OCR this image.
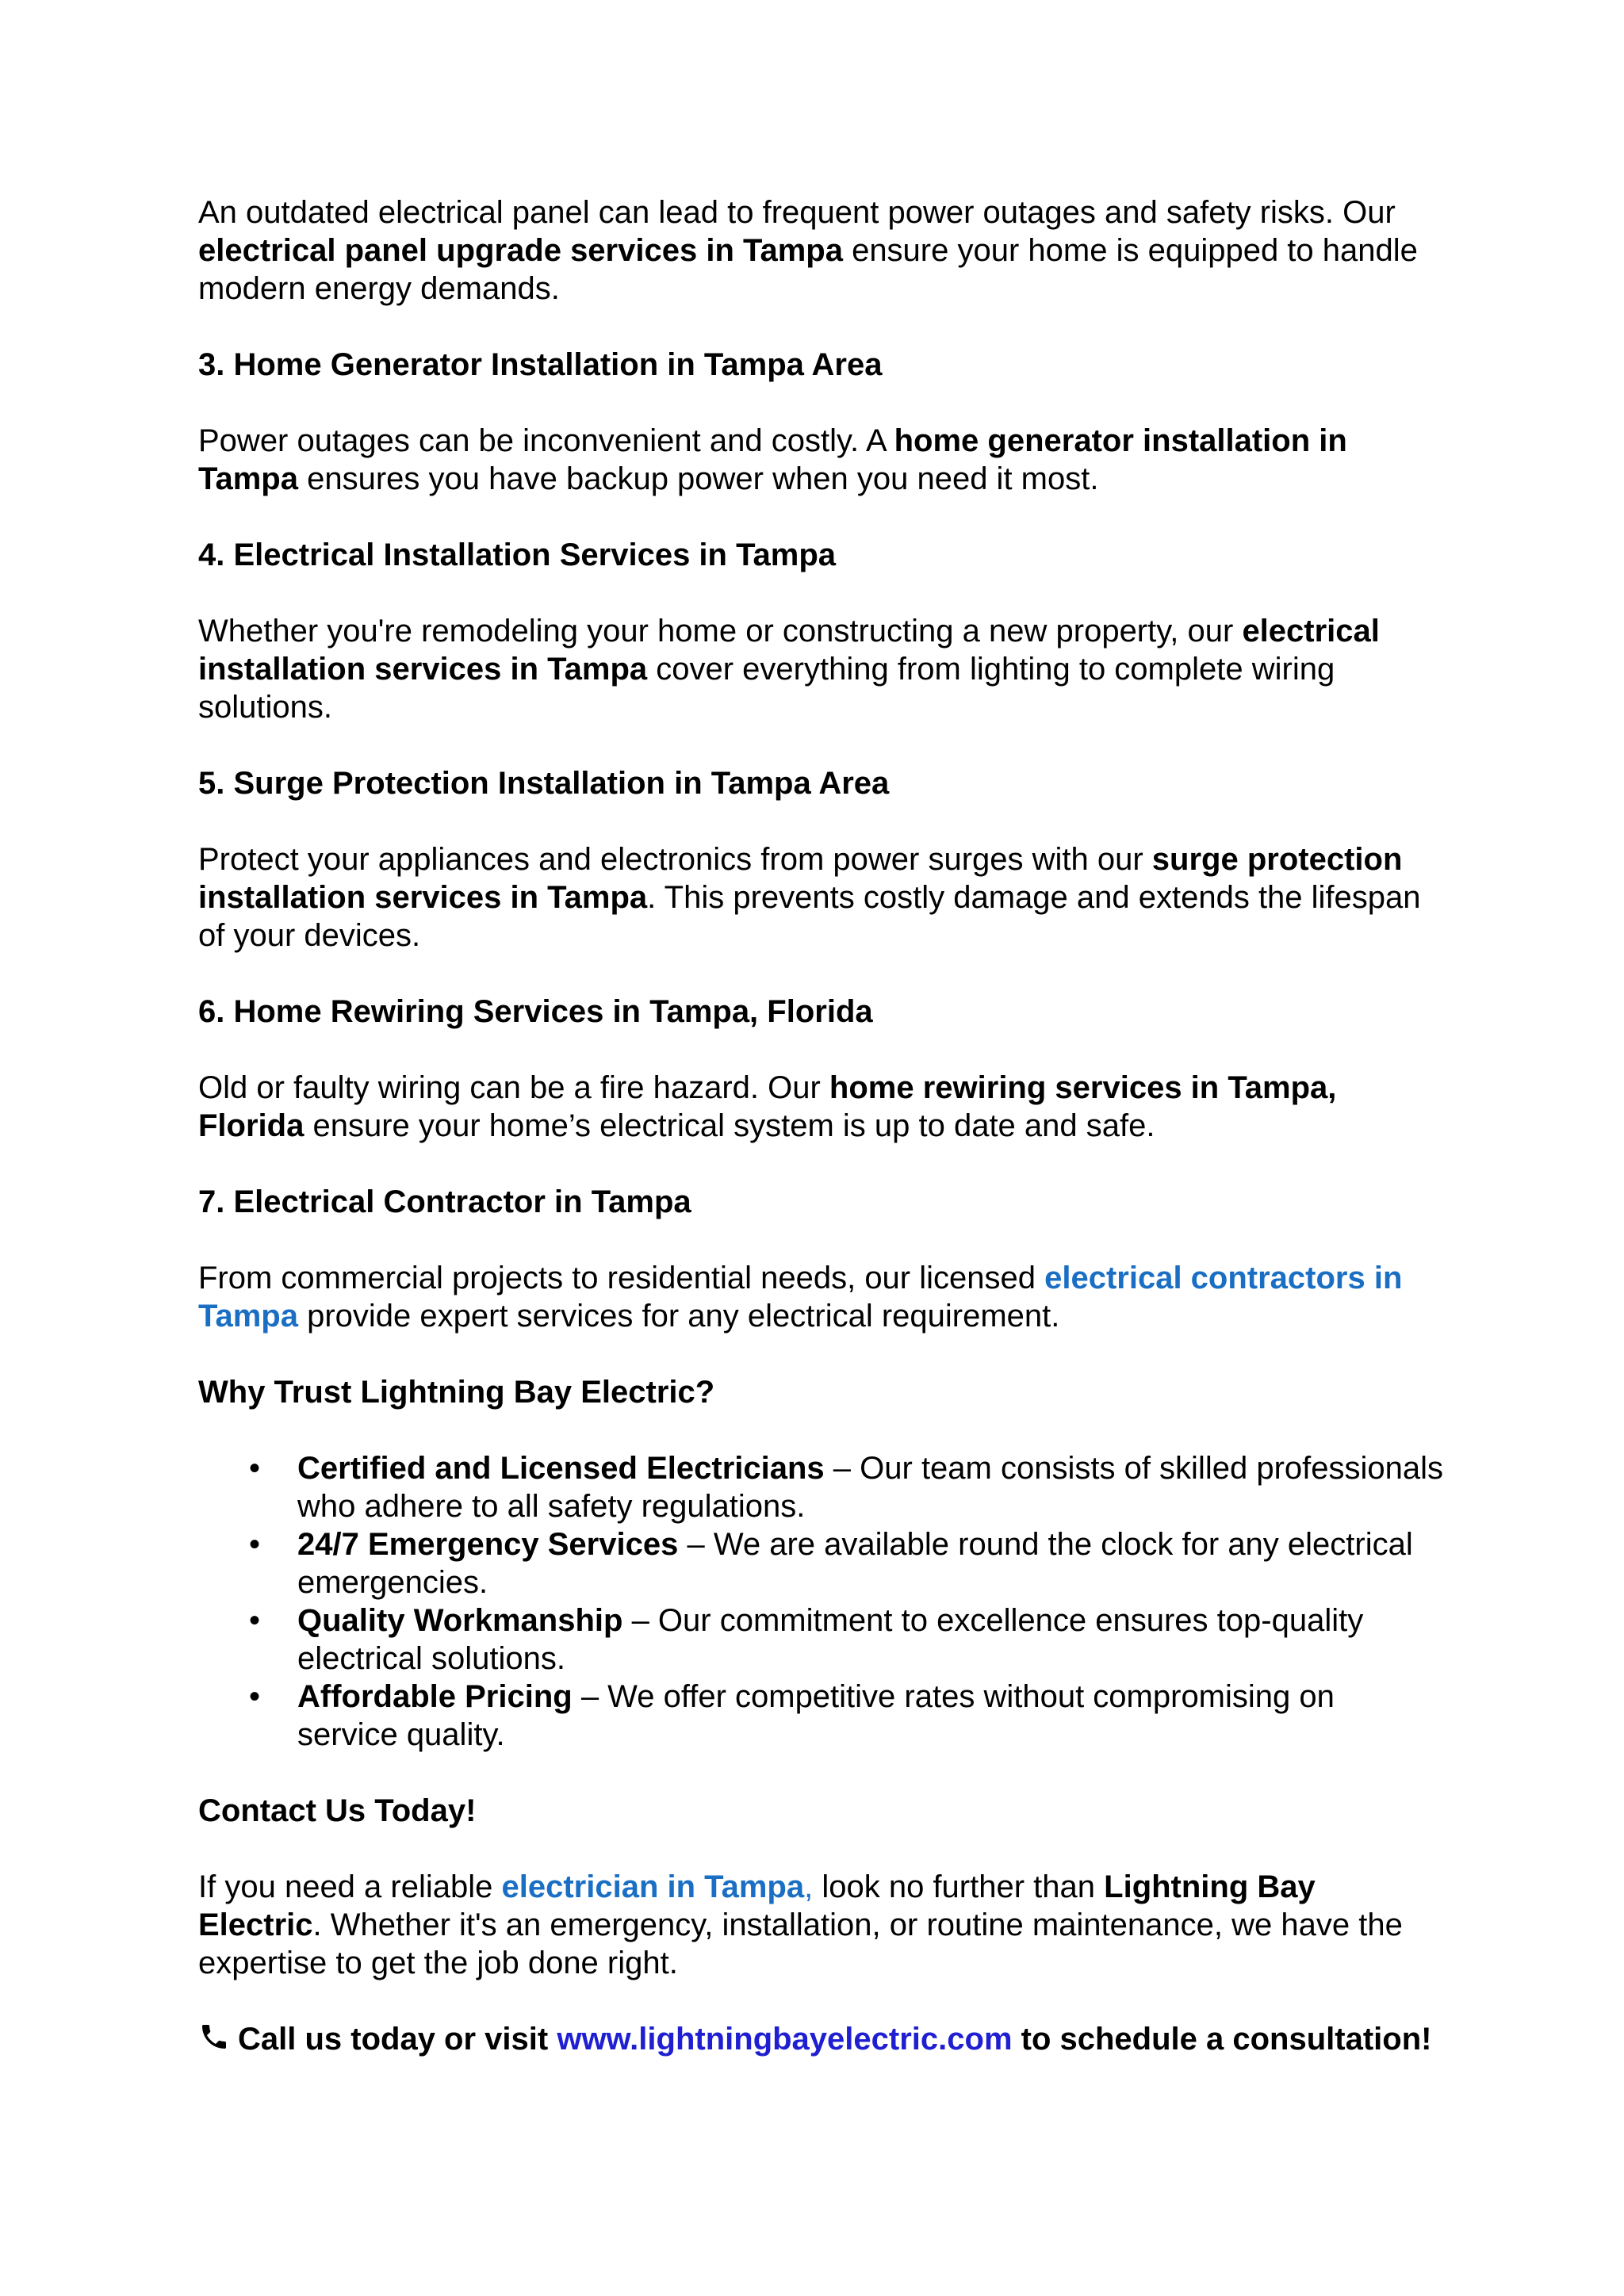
An outdated electrical panel can lead to frequent power outages and safety risks. Our electrical panel upgrade services in Tampa ensure your home is equipped to handle modern energy demands.

3. Home Generator Installation in Tampa Area

Power outages can be inconvenient and costly. A home generator installation in Tampa ensures you have backup power when you need it most.

4. Electrical Installation Services in Tampa

Whether you're remodeling your home or constructing a new property, our electrical installation services in Tampa cover everything from lighting to complete wiring solutions.

5. Surge Protection Installation in Tampa Area

Protect your appliances and electronics from power surges with our surge protection installation services in Tampa. This prevents costly damage and extends the lifespan of your devices.

6. Home Rewiring Services in Tampa, Florida

Old or faulty wiring can be a fire hazard. Our home rewiring services in Tampa, Florida ensure your home’s electrical system is up to date and safe.

7. Electrical Contractor in Tampa

From commercial projects to residential needs, our licensed electrical contractors in Tampa provide expert services for any electrical requirement.

Why Trust Lightning Bay Electric?

• Certified and Licensed Electricians – Our team consists of skilled professionals who adhere to all safety regulations.
• 24/7 Emergency Services – We are available round the clock for any electrical emergencies.
• Quality Workmanship – Our commitment to excellence ensures top-quality electrical solutions.
• Affordable Pricing – We offer competitive rates without compromising on service quality.

Contact Us Today!

If you need a reliable electrician in Tampa, look no further than Lightning Bay Electric. Whether it's an emergency, installation, or routine maintenance, we have the expertise to get the job done right.

Call us today or visit www.lightningbayelectric.com to schedule a consultation!
